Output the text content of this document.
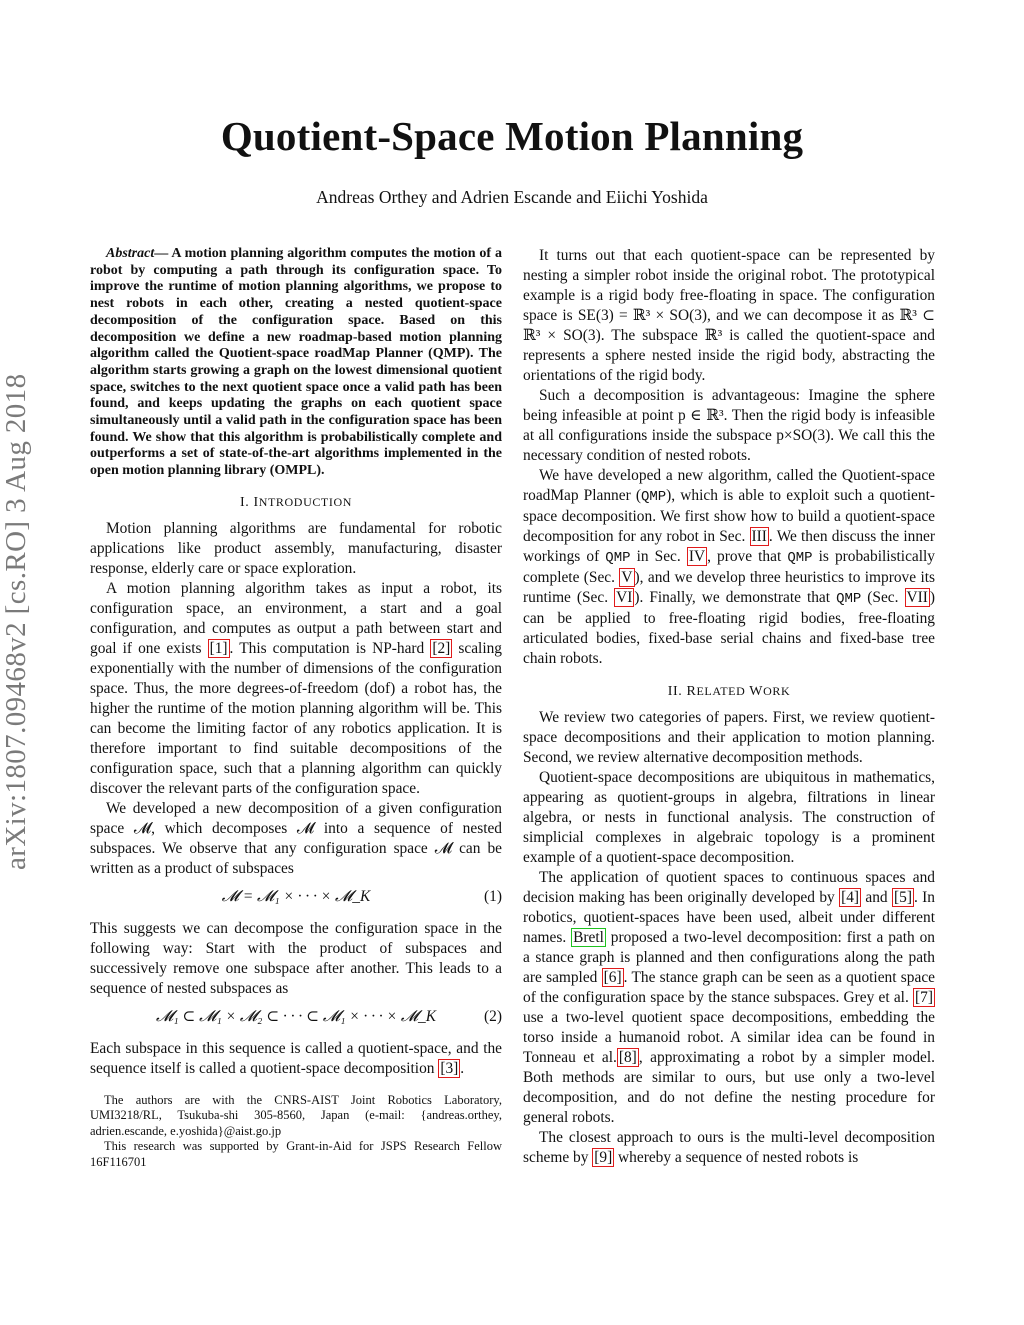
arXiv:1807.09468v2 [cs.RO] 3 Aug 2018
Quotient-Space Motion Planning
Andreas Orthey and Adrien Escande and Eiichi Yoshida

Abstract— A motion planning algorithm computes the motion of a robot by computing a path through its configuration space. To improve the runtime of motion planning algorithms, we propose to nest robots in each other, creating a nested quotient-space decomposition of the configuration space. Based on this decomposition we define a new roadmap-based motion planning algorithm called the Quotient-space roadMap Planner (QMP). The algorithm starts growing a graph on the lowest dimensional quotient space, switches to the next quotient space once a valid path has been found, and keeps updating the graphs on each quotient space simultaneously until a valid path in the configuration space has been found. We show that this algorithm is probabilistically complete and outperforms a set of state-of-the-art algorithms implemented in the open motion planning library (OMPL).

I. INTRODUCTION

Motion planning algorithms are fundamental for robotic applications like product assembly, manufacturing, disaster response, elderly care or space exploration.

A motion planning algorithm takes as input a robot, its configuration space, an environment, a start and a goal configuration, and computes as output a path between start and goal if one exists [1] . This computation is NP-hard [2] scaling exponentially with the number of dimensions of the configuration space. Thus, the more degrees-of-freedom (dof) a robot has, the higher the runtime of the motion planning algorithm will be. This can become the limiting factor of any robotics application. It is therefore important to find suitable decompositions of the configuration space, such that a planning algorithm can quickly discover the relevant parts of the configuration space.

We developed a new decomposition of a given configuration space 𝓜, which decomposes 𝓜 into a sequence of nested subspaces. We observe that any configuration space 𝓜 can be written as a product of subspaces

𝓜 = 𝓜₁ × · · · × 𝓜_K	(1)

This suggests we can decompose the configuration space in the following way: Start with the product of subspaces and successively remove one subspace after another. This leads to a sequence of nested subspaces as

𝓜₁ ⊂ 𝓜₁ × 𝓜₂ ⊂ · · · ⊂ 𝓜₁ × · · · × 𝓜_K	(2)

Each subspace in this sequence is called a quotient-space, and the sequence itself is called a quotient-space decomposition [3] .

The authors are with the CNRS-AIST Joint Robotics Laboratory, UMI3218/RL, Tsukuba-shi 305-8560, Japan (e-mail: {andreas.orthey, adrien.escande, e.yoshida}@aist.go.jp

This research was supported by Grant-in-Aid for JSPS Research Fellow 16F116701

It turns out that each quotient-space can be represented by nesting a simpler robot inside the original robot. The prototypical example is a rigid body free-floating in space. The configuration space is SE(3) = ℝ³ × SO(3), and we can decompose it as ℝ³ ⊂ ℝ³ × SO(3). The subspace ℝ³ is called the quotient-space and represents a sphere nested inside the rigid body, abstracting the orientations of the rigid body.

Such a decomposition is advantageous: Imagine the sphere being infeasible at point p ∈ ℝ³. Then the rigid body is infeasible at all configurations inside the subspace p×SO(3). We call this the necessary condition of nested robots.

We have developed a new algorithm, called the Quotient-space roadMap Planner (QMP), which is able to exploit such a quotient-space decomposition. We first show how to build a quotient-space decomposition for any robot in Sec. III . We then discuss the inner workings of QMP in Sec. IV , prove that QMP is probabilistically complete (Sec. V ), and we develop three heuristics to improve its runtime (Sec. VI ). Finally, we demonstrate that QMP (Sec. VII ) can be applied to free-floating rigid bodies, free-floating articulated bodies, fixed-base serial chains and fixed-base tree chain robots.

II. RELATED WORK

We review two categories of papers. First, we review quotient-space decompositions and their application to motion planning. Second, we review alternative decomposition methods.

Quotient-space decompositions are ubiquitous in mathematics, appearing as quotient-groups in algebra, filtrations in linear algebra, or nests in functional analysis. The construction of simplicial complexes in algebraic topology is a prominent example of a quotient-space decomposition.

The application of quotient spaces to continuous spaces and decision making has been originally developed by [4] and [5] . In robotics, quotient-spaces have been used, albeit under different names. Bretl proposed a two-level decomposition: first a path on a stance graph is planned and then configurations along the path are sampled [6] . The stance graph can be seen as a quotient space of the configuration space by the stance subspaces. Grey et al. [7] use a two-level quotient space decompositions, embedding the torso inside a humanoid robot. A similar idea can be found in Tonneau et al. [8] , approximating a robot by a simpler model. Both methods are similar to ours, but use only a two-level decomposition, and do not define the nesting procedure for general robots.

The closest approach to ours is the multi-level decomposition scheme by [9] whereby a sequence of nested robots is
